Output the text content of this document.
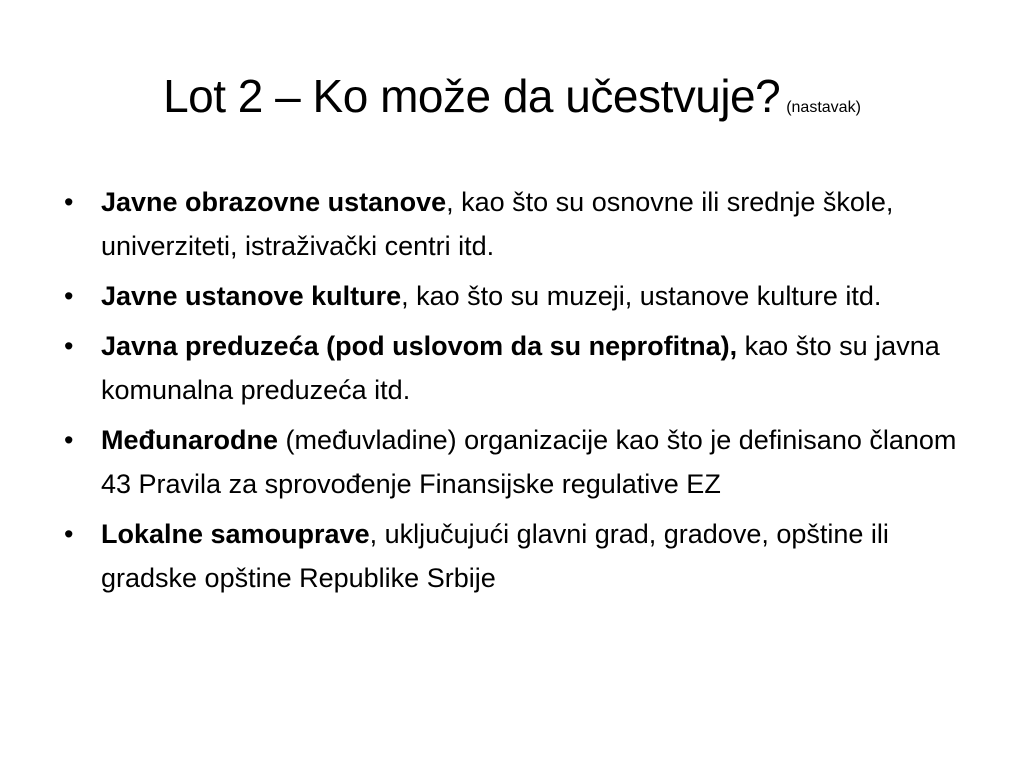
Lot 2 – Ko može da učestvuje? (nastavak)
• Javne obrazovne ustanove, kao što su osnovne ili srednje škole, univerziteti, istraživački centri itd.
• Javne ustanove kulture, kao što su muzeji, ustanove kulture itd.
• Javna preduzeća (pod uslovom da su neprofitna), kao što su javna komunalna preduzeća itd.
• Međunarodne (međuvladine) organizacije kao što je definisano članom 43 Pravila za sprovođenje Finansijske regulative EZ
• Lokalne samouprave, uključujući glavni grad, gradove, opštine ili gradske opštine Republike Srbije
